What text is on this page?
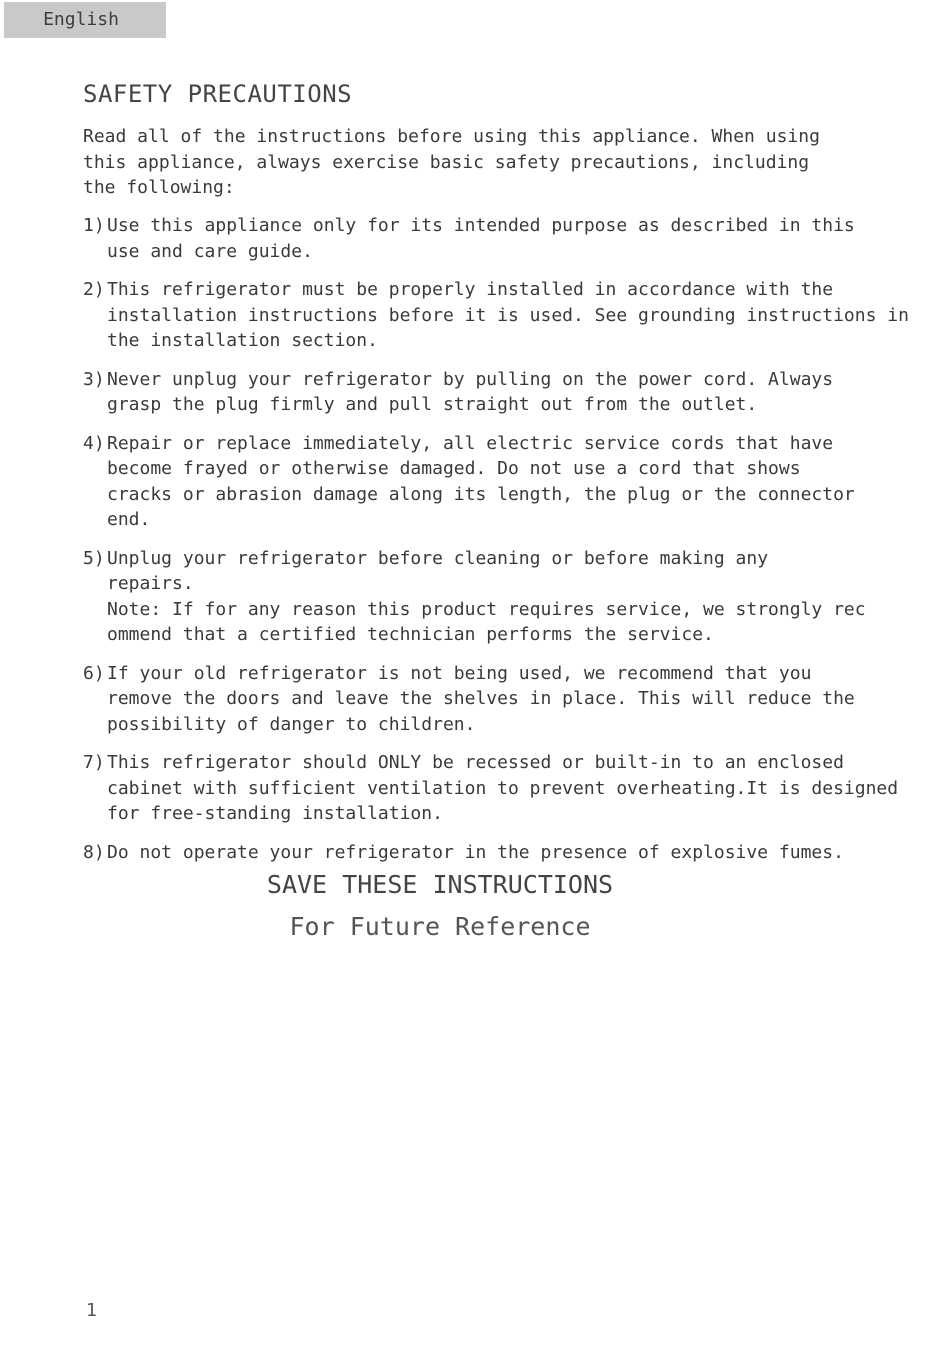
English
SAFETY PRECAUTIONS
Read all of the instructions before using this appliance. When using
this appliance, always exercise basic safety precautions, including
the following:
1) Use this appliance only for its intended purpose as described in this
use and care guide.
2) This refrigerator must be properly installed in accordance with the
installation instructions before it is used. See grounding instructions in
the installation section.
3) Never unplug your refrigerator by pulling on the power cord. Always
grasp the plug firmly and pull straight out from the outlet.
4) Repair or replace immediately, all electric service cords that have
become frayed or otherwise damaged. Do not use a cord that shows
cracks or abrasion damage along its length, the plug or the connector
end.
5) Unplug your refrigerator before cleaning or before making any
repairs.
Note: If for any reason this product requires service, we strongly rec
ommend that a certified technician performs the service.
6) If your old refrigerator is not being used, we recommend that you
remove the doors and leave the shelves in place. This will reduce the
possibility of danger to children.
7) This refrigerator should ONLY be recessed or built-in to an enclosed
cabinet with sufficient ventilation to prevent overheating.It is designed
for free-standing installation.
8) Do not operate your refrigerator in the presence of explosive fumes.
SAVE THESE INSTRUCTIONS
For Future Reference
1
